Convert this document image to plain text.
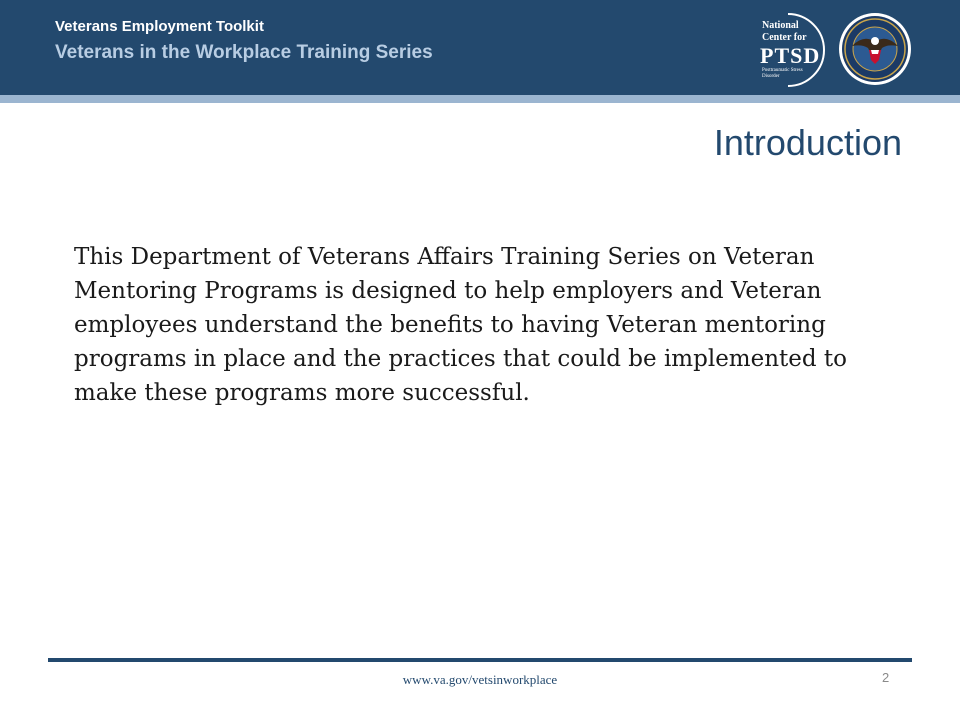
Veterans Employment Toolkit
Veterans in the Workplace Training Series
National
Center for
PTSD
Posttraumatic Stress Disorder
Introduction
This Department of Veterans Affairs Training Series on Veteran Mentoring Programs is designed to help employers and Veteran employees understand the benefits to having Veteran mentoring programs in place and the practices that could be implemented to make these programs more successful.
www.va.gov/vetsinworkplace	2
